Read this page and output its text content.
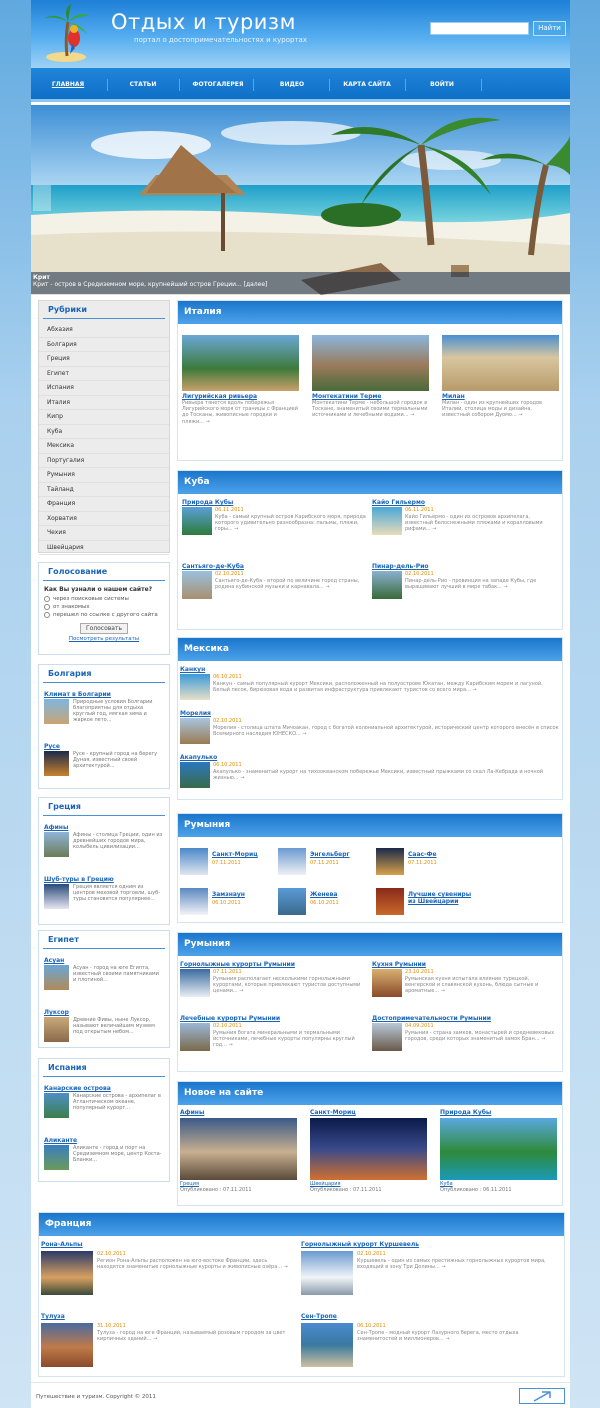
Отдых и туризм
портал о достопримечательностях и курортах
Найти
ГЛАВНАЯ	СТАТЬИ	ФОТОГАЛЕРЕЯ	ВИДЕО	КАРТА САЙТА	ВОЙТИ
Крит
Крит - остров в Средиземном море, крупнейший остров Греции... [далее]
Рубрики
Абхазия
Болгария
Греция
Египет
Испания
Италия
Кипр
Куба
Мексика
Португалия
Румыния
Тайланд
Франция
Хорватия
Чехия
Швейцария
Голосование
Как Вы узнали о нашем сайте?
через поисковые системы
от знакомых
перешел по ссылке с другого сайта
Голосовать
Посмотреть результаты
Болгария
Климат в Болгарии
Природные условия Болгарии благоприятны для отдыха круглый год, мягкая зима и жаркое лето...
Русе
Русе - крупный город на берегу Дуная, известный своей архитектурой...
Греция
Афины
Афины - столица Греции, один из древнейших городов мира, колыбель цивилизации...
Шуб-туры в Грецию
Греция является одним из центров меховой торговли, шуб-туры становятся популярнее...
Египет
Асуан
Асуан - город на юге Египта, известный своими памятниками и плотиной...
Луксор
Древние Фивы, ныне Луксор, называют величайшим музеем под открытым небом...
Испания
Канарские острова
Канарские острова - архипелаг в Атлантическом океане, популярный курорт...
Аликанте
Аликанте - город и порт на Средиземном море, центр Коста-Бланки...
Италия
Лигурийская ривьера
Ривьера тянется вдоль побережья Лигурийского моря от границы с Францией до Тосканы, живописные городки и пляжи... →
Монтекатини Терме
Монтекатини Терме - небольшой городок в Тоскане, знаменитый своими термальными источниками и лечебными водами... →
Милан
Милан - один из крупнейших городов Италии, столица моды и дизайна, известный собором Дуомо... →
Куба
Природа Кубы
06.11.2011
Куба - самый крупный остров Карибского моря, природа которого удивительно разнообразна: пальмы, пляжи, горы... →
Кайо Гильермо
06.11.2011
Кайо Гильермо - один из островов архипелага, известный белоснежными пляжами и коралловыми рифами... →
Сантьяго-де-Куба
02.10.2011
Сантьяго-де-Куба - второй по величине город страны, родина кубинской музыки и карнавала... →
Пинар-дель-Рио
02.10.2011
Пинар-дель-Рио - провинция на западе Кубы, где выращивают лучший в мире табак... →
Мексика
Канкун
06.10.2011
Канкун - самый популярный курорт Мексики, расположенный на полуострове Юкатан, между Карибским морем и лагуной. Белый песок, бирюзовая вода и развитая инфраструктура привлекают туристов со всего мира... →
Морелия
02.10.2011
Морелия - столица штата Мичоакан, город с богатой колониальной архитектурой, исторический центр которого внесён в список Всемирного наследия ЮНЕСКО... →
Акапулько
06.10.2011
Акапулько - знаменитый курорт на тихоокеанском побережье Мексики, известный прыжками со скал Ла-Кебрада и ночной жизнью... →
Румыния
Санкт-Мориц
07.11.2011
Энгельберг
07.11.2011
Саас-Фе
07.11.2011
Замзнаун
06.10.2011
Женева
06.10.2011
Лучшие сувениры из Швейцарии
Румыния
Горнолыжные курорты Румынии
07.11.2011
Румыния располагает несколькими горнолыжными курортами, которые привлекают туристов доступными ценами... →
Кухня Румынии
23.10.2011
Румынская кухня испытала влияние турецкой, венгерской и славянской кухонь, блюда сытные и ароматные... →
Лечебные курорты Румынии
02.10.2011
Румыния богата минеральными и термальными источниками, лечебные курорты популярны круглый год... →
Достопримечательности Румынии
04.09.2011
Румыния - страна замков, монастырей и средневековых городов, среди которых знаменитый замок Бран... →
Новое на сайте
Афины
Греция
Опубликовано : 07.11.2011
Санкт-Мориц
Швейцария
Опубликовано : 07.11.2011
Природа Кубы
Куба
Опубликовано : 06.11.2011
Франция
Рона-Альпы
02.10.2011
Регион Рона-Альпы расположен на юго-востоке Франции, здесь находятся знаменитые горнолыжные курорты и живописные озёра... →
Горнолыжный курорт Куршевель
02.10.2011
Куршевель - один из самых престижных горнолыжных курортов мира, входящий в зону Три Долины... →
Тулуза
31.10.2011
Тулуза - город на юге Франции, называемый розовым городом за цвет кирпичных зданий... →
Сен-Тропе
06.10.2011
Сен-Тропе - модный курорт Лазурного берега, место отдыха знаменитостей и миллионеров... →
Путешествие и туризм. Copyright © 2011
